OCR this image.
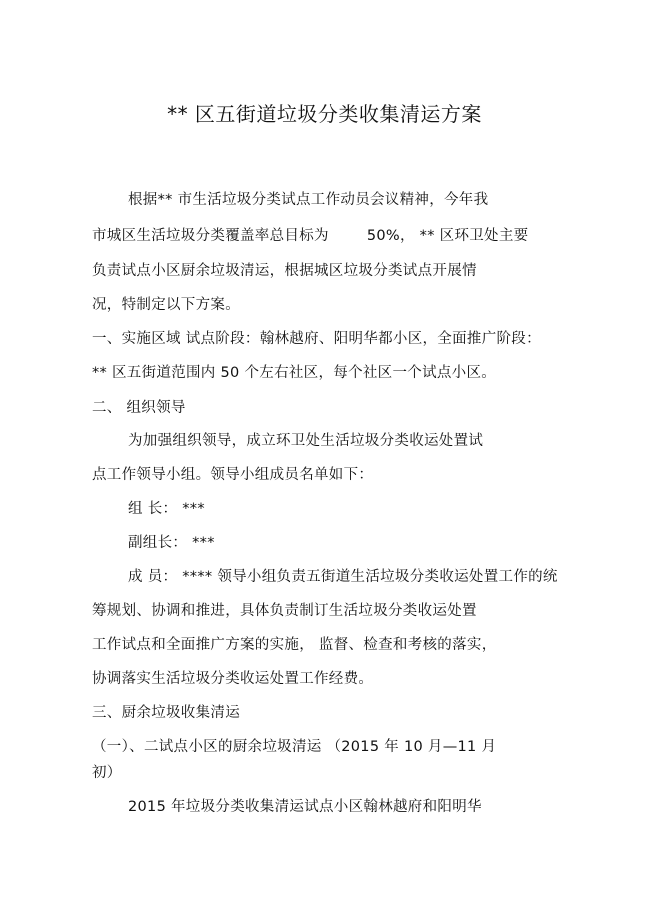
** 区五街道垃圾分类收集清运方案
根据** 市生活垃圾分类试点工作动员会议精神，今年我
市城区生活垃圾分类覆盖率总目标为	50%， ** 区环卫处主要
负责试点小区厨余垃圾清运，根据城区垃圾分类试点开展情
况，特制定以下方案。
一、实施区域 试点阶段：翰林越府、阳明华都小区，全面推广阶段：
** 区五街道范围内 50 个左右社区，每个社区一个试点小区。
二、 组织领导
为加强组织领导，成立环卫处生活垃圾分类收运处置试
点工作领导小组。领导小组成员名单如下：
组 长： ***
副组长： ***
成 员： **** 领导小组负责五街道生活垃圾分类收运处置工作的统
筹规划、协调和推进，具体负责制订生活垃圾分类收运处置
工作试点和全面推广方案的实施， 监督、检查和考核的落实，
协调落实生活垃圾分类收运处置工作经费。
三、厨余垃圾收集清运
（一）、二试点小区的厨余垃圾清运 （2015 年 10 月—11 月
初）
2015 年垃圾分类收集清运试点小区翰林越府和阳明华
